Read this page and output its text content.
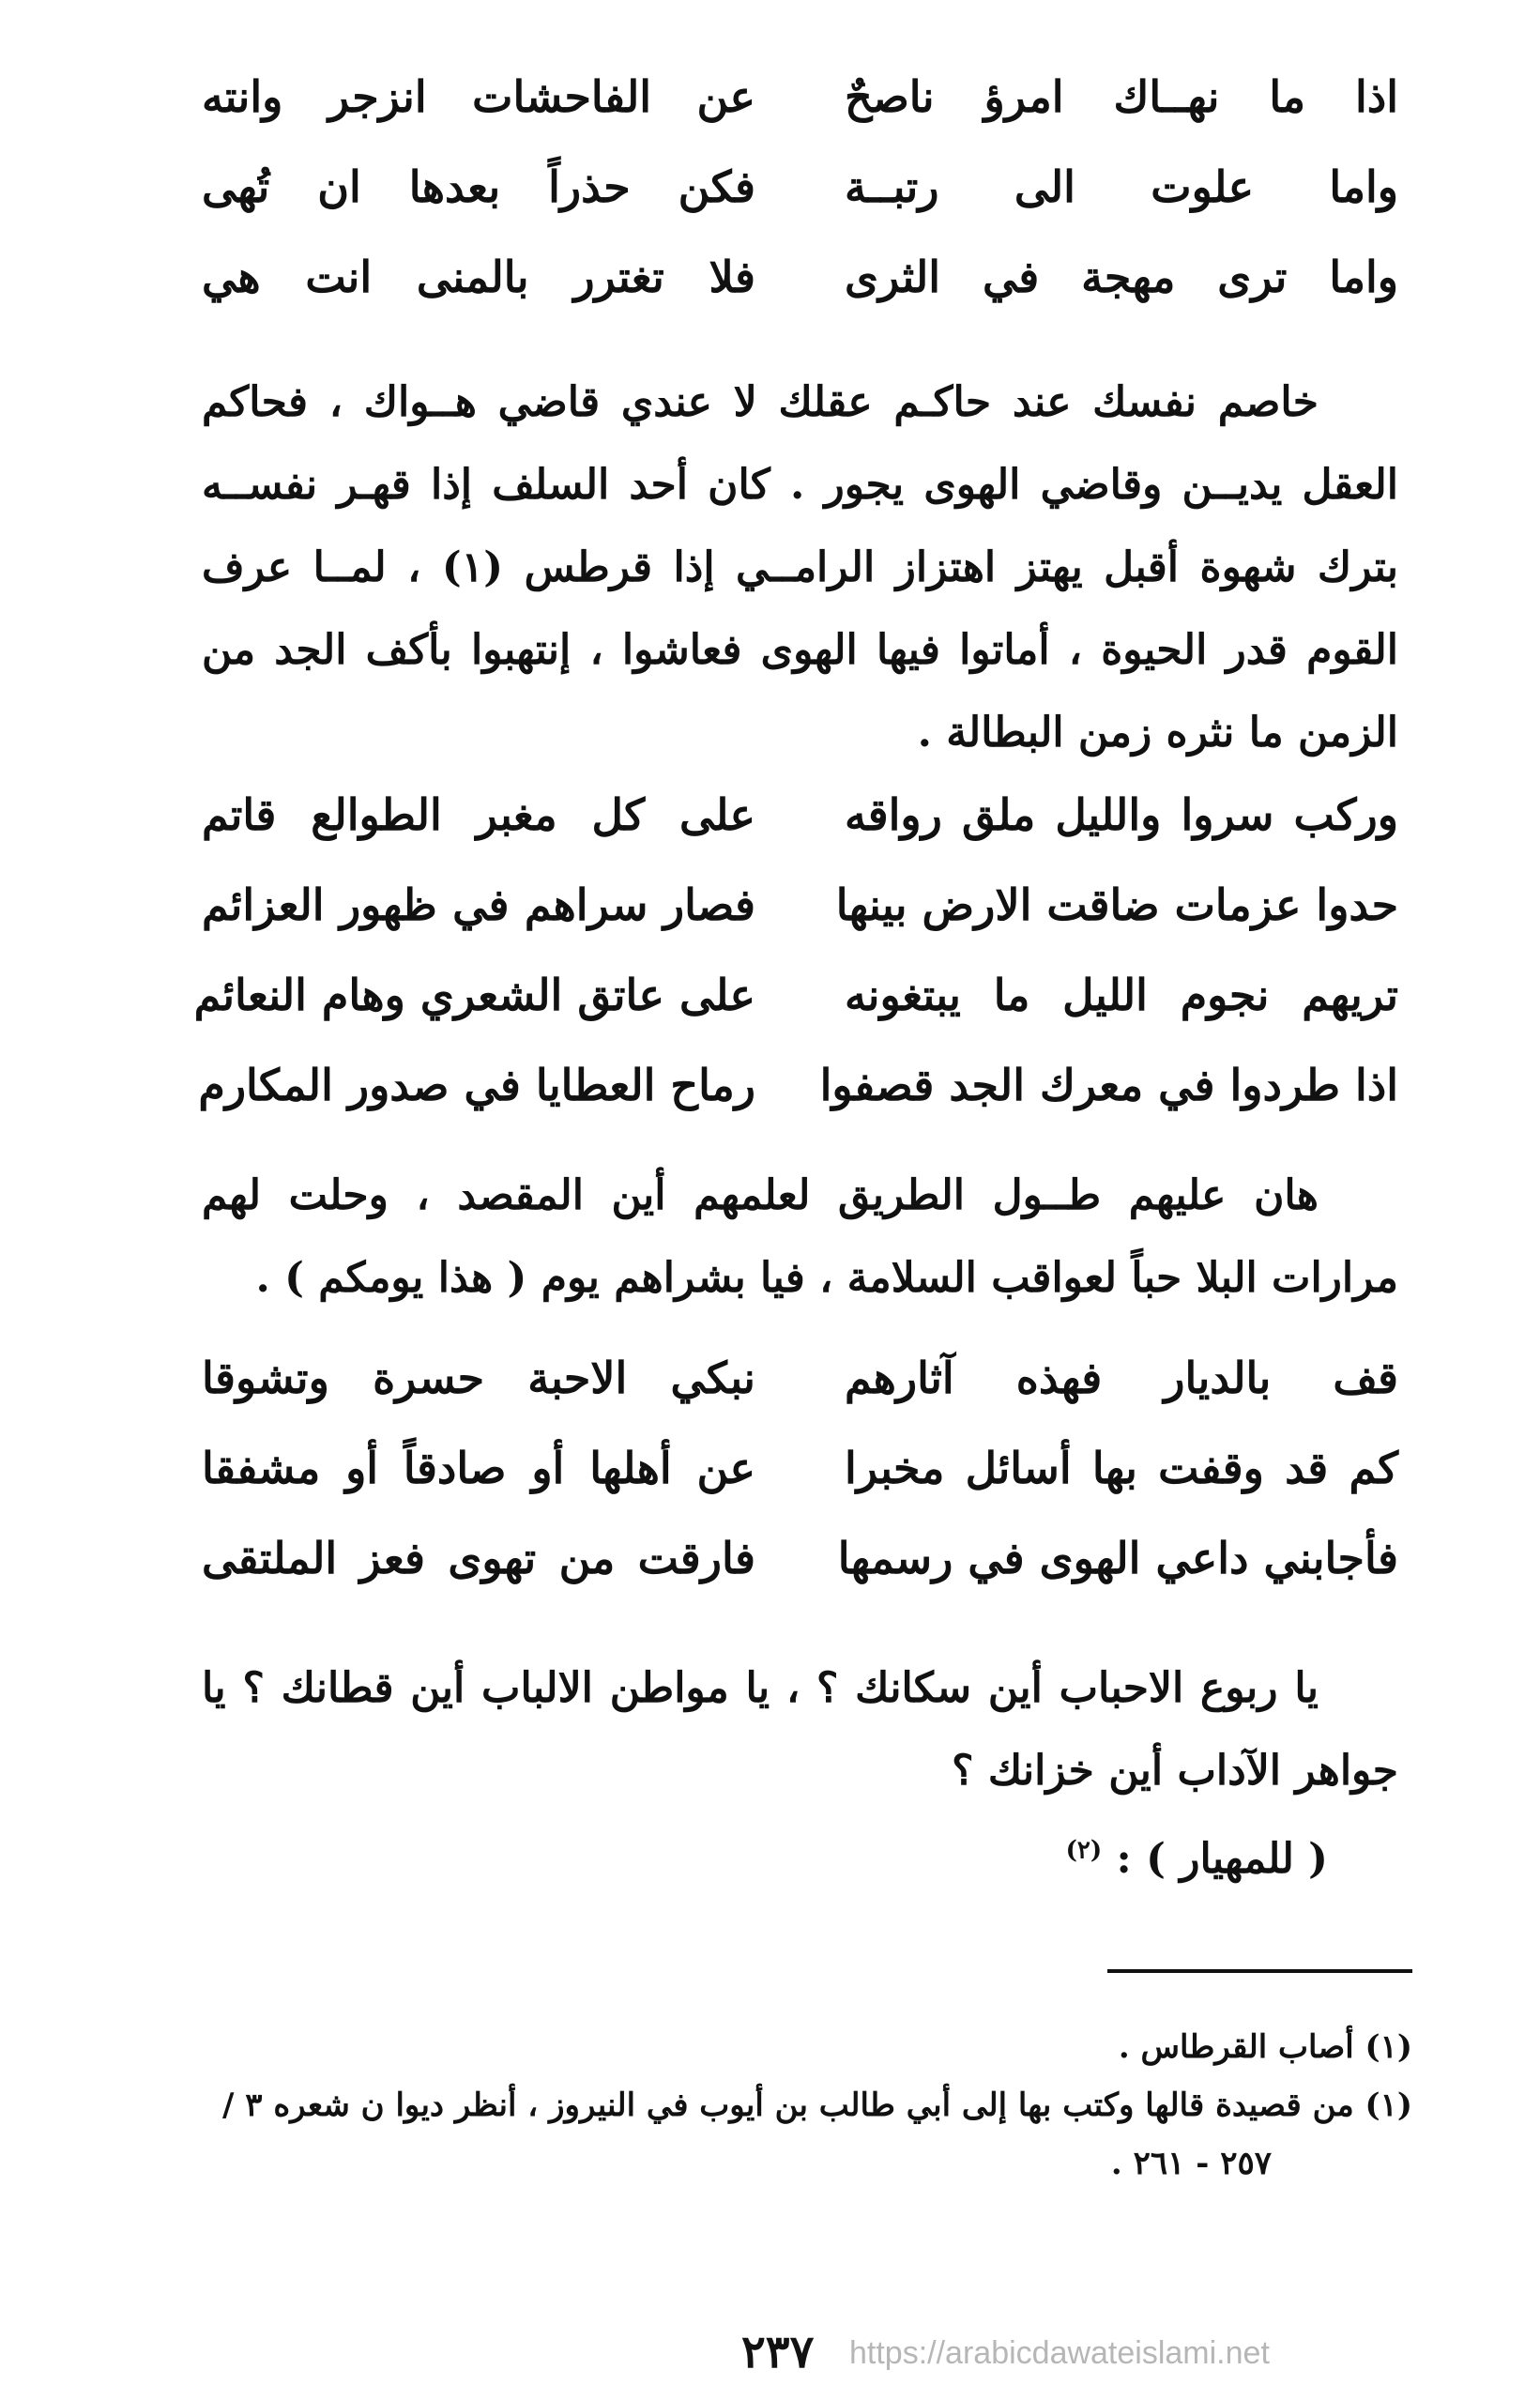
اذا ما نهــاك امرؤ ناصحٌ
عن الفاحشات انزجر وانته
واما علوت الى رتبــة
فكن حذراً بعدها ان تُهى
واما ترى مهجة في الثرى
فلا تغترر بالمنى انت هي

خاصم نفسك عند حاكـم عقلك لا عندي قاضي هــواك ، فحاكم العقل يديــن وقاضي الهوى يجور . كان أحد السلف إذا قهـر نفســه بترك شهوة أقبل يهتز اهتزاز الرامــي إذا قرطس (١) ، لمــا عرف القوم قدر الحيوة ، أماتوا فيها الهوى فعاشوا ، إنتهبوا بأكف الجد من الزمن ما نثره زمن البطالة .

وركب سروا والليل ملق رواقه
على كل مغبر الطوالع قاتم
حدوا عزمات ضاقت الارض بينها
فصار سراهم في ظهور العزائم
تريهم نجوم الليل ما يبتغونه
على عاتق الشعري وهام النعائم
اذا طردوا في معرك الجد قصفوا
رماح العطايا في صدور المكارم

هان عليهم طــول الطريق لعلمهم أين المقصد ، وحلت لهم مرارات البلا حباً لعواقب السلامة ، فيا بشراهم يوم ( هذا يومكم ) .

قف بالديار فهذه آثارهم
نبكي الاحبة حسرة وتشوقا
كم قد وقفت بها أسائل مخبرا
عن أهلها أو صادقاً أو مشفقا
فأجابني داعي الهوى في رسمها
فارقت من تهوى فعز الملتقى

يا ربوع الاحباب أين سكانك ؟ ، يا مواطن الالباب أين قطانك ؟ يا جواهر الآداب أين خزانك ؟

( للمهيار ) : $^{(٢)}$
(١) أصاب القرطاس .
(١) من قصيدة قالها وكتب بها إلى أبي طالب بن أيوب في النيروز ، أنظر ديوا ن شعره ٣ /
٢٥٧ - ٢٦١ .
٢٣٧ https://arabicdawateislami.net
